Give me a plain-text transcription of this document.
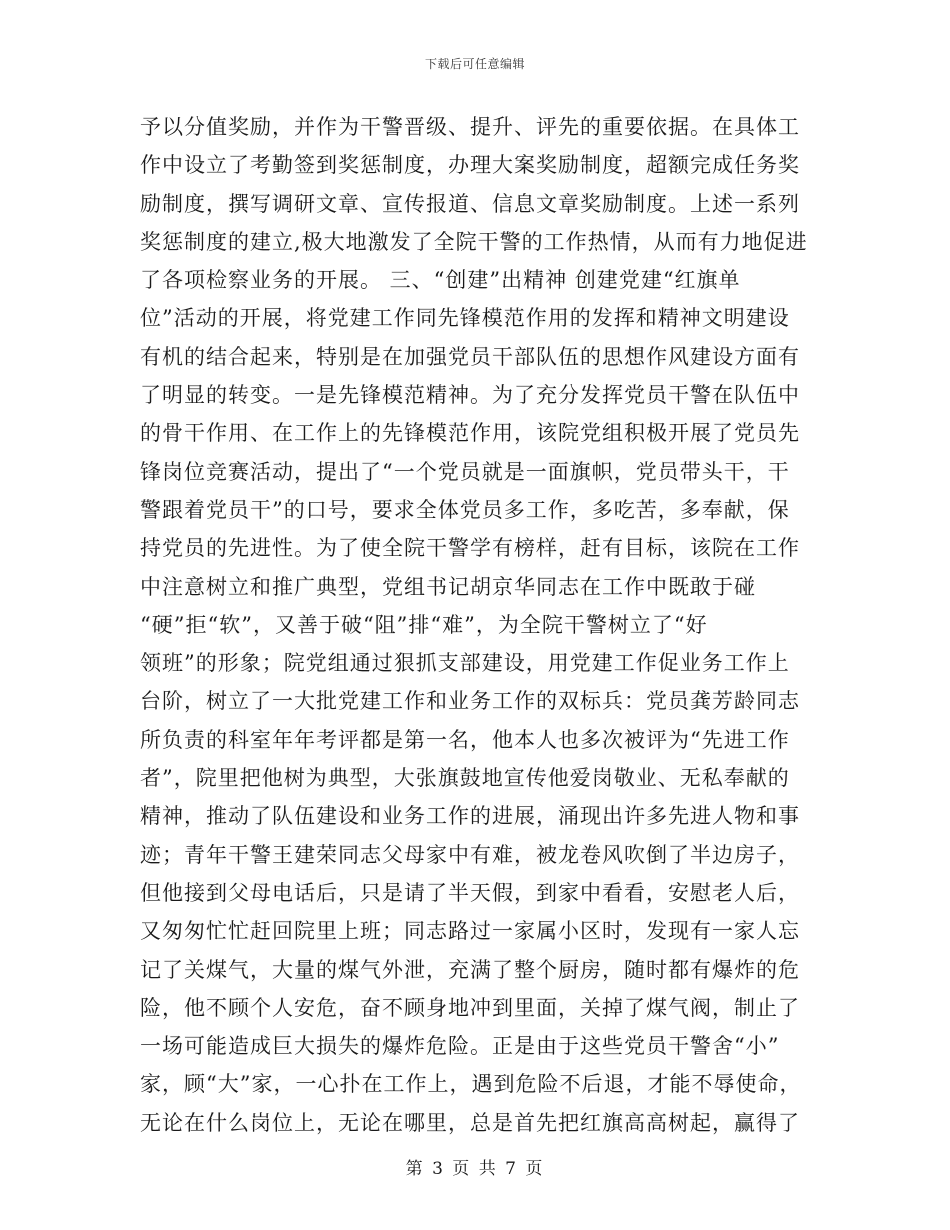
下载后可任意编辑
予以分值奖励，并作为干警晋级、提升、评先的重要依据。在具体工
作中设立了考勤签到奖惩制度，办理大案奖励制度，超额完成任务奖
励制度，撰写调研文章、宣传报道、信息文章奖励制度。上述一系列
奖惩制度的建立,极大地激发了全院干警的工作热情，从而有力地促进
了各项检察业务的开展。 三、“创建”出精神 创建党建“红旗单
位”活动的开展，将党建工作同先锋模范作用的发挥和精神文明建设
有机的结合起来，特别是在加强党员干部队伍的思想作风建设方面有
了明显的转变。一是先锋模范精神。为了充分发挥党员干警在队伍中
的骨干作用、在工作上的先锋模范作用，该院党组积极开展了党员先
锋岗位竞赛活动，提出了“一个党员就是一面旗帜，党员带头干，干
警跟着党员干”的口号，要求全体党员多工作，多吃苦，多奉献，保
持党员的先进性。为了使全院干警学有榜样，赶有目标，该院在工作
中注意树立和推广典型，党组书记胡京华同志在工作中既敢于碰
“硬”拒“软”，又善于破“阻”排“难”，为全院干警树立了“好
领班”的形象；院党组通过狠抓支部建设，用党建工作促业务工作上
台阶，树立了一大批党建工作和业务工作的双标兵：党员龚芳龄同志
所负责的科室年年考评都是第一名，他本人也多次被评为“先进工作
者”，院里把他树为典型，大张旗鼓地宣传他爱岗敬业、无私奉献的
精神，推动了队伍建设和业务工作的进展，涌现出许多先进人物和事
迹；青年干警王建荣同志父母家中有难，被龙卷风吹倒了半边房子，
但他接到父母电话后，只是请了半天假，到家中看看，安慰老人后，
又匆匆忙忙赶回院里上班；同志路过一家属小区时，发现有一家人忘
记了关煤气，大量的煤气外泄，充满了整个厨房，随时都有爆炸的危
险，他不顾个人安危，奋不顾身地冲到里面，关掉了煤气阀，制止了
一场可能造成巨大损失的爆炸危险。正是由于这些党员干警舍“小”
家，顾“大”家，一心扑在工作上，遇到危险不后退，才能不辱使命，
无论在什么岗位上，无论在哪里，总是首先把红旗高高树起，赢得了
第 3 页 共 7 页
